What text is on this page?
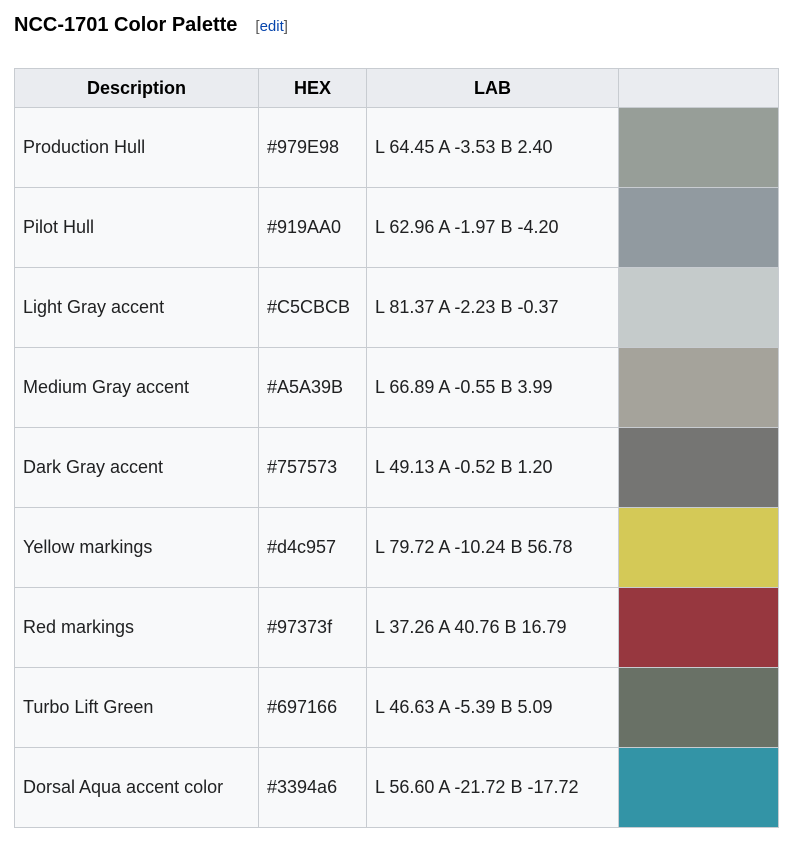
NCC-1701 Color Palette [edit]
Description	HEX	LAB	
Production Hull	#979E98	L 64.45 A -3.53 B 2.40	
Pilot Hull	#919AA0	L 62.96 A -1.97 B -4.20	
Light Gray accent	#C5CBCB	L 81.37 A -2.23 B -0.37	
Medium Gray accent	#A5A39B	L 66.89 A -0.55 B 3.99	
Dark Gray accent	#757573	L 49.13 A -0.52 B 1.20	
Yellow markings	#d4c957	L 79.72 A -10.24 B 56.78	
Red markings	#97373f	L 37.26 A 40.76 B 16.79	
Turbo Lift Green	#697166	L 46.63 A -5.39 B 5.09	
Dorsal Aqua accent color	#3394a6	L 56.60 A -21.72 B -17.72	
